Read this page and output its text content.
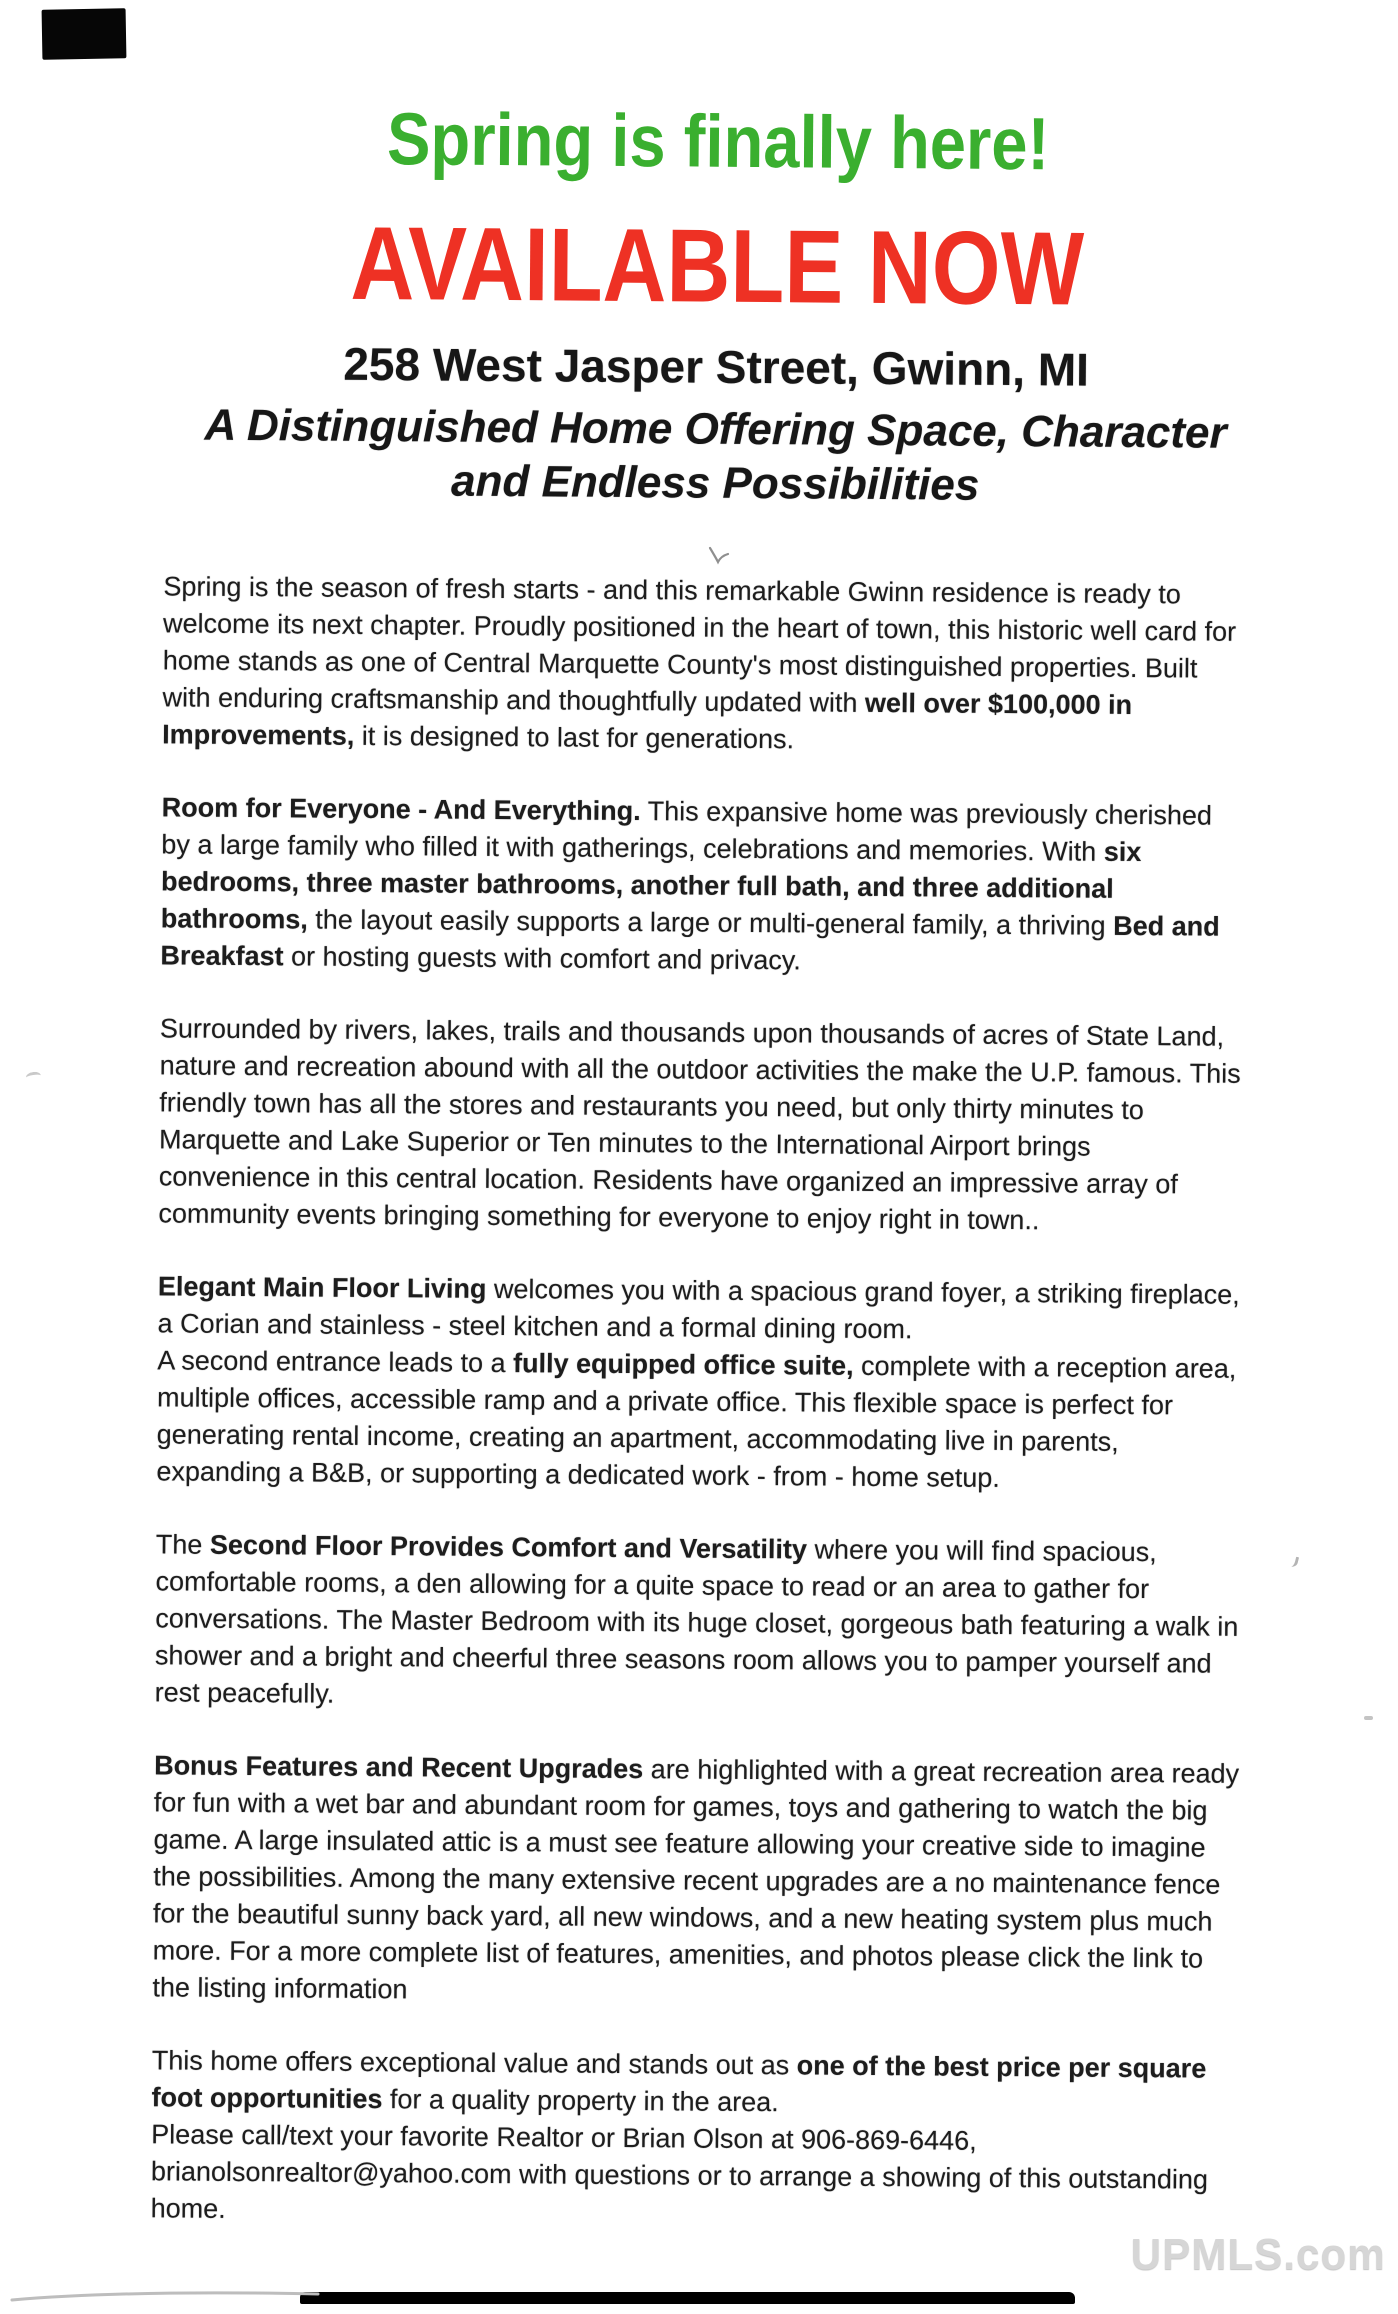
Spring is finally here!
AVAILABLE NOW
258 West Jasper Street, Gwinn, MI
A Distinguished Home Offering Space, Character
and Endless Possibilities
Spring is the season of fresh starts - and this remarkable Gwinn residence is ready to welcome its next chapter. Proudly positioned in the heart of town, this historic well card for home stands as one of Central Marquette County's most distinguished properties. Built with enduring craftsmanship and thoughtfully updated with well over $100,000 in Improvements, it is designed to last for generations.
Room for Everyone - And Everything. This expansive home was previously cherished by a large family who filled it with gatherings, celebrations and memories. With six bedrooms, three master bathrooms, another full bath, and three additional bathrooms, the layout easily supports a large or multi-general family, a thriving Bed and Breakfast or hosting guests with comfort and privacy.
Surrounded by rivers, lakes, trails and thousands upon thousands of acres of State Land, nature and recreation abound with all the outdoor activities the make the U.P. famous. This friendly town has all the stores and restaurants you need, but only thirty minutes to Marquette and Lake Superior or Ten minutes to the International Airport brings convenience in this central location. Residents have organized an impressive array of community events bringing something for everyone to enjoy right in town..
Elegant Main Floor Living welcomes you with a spacious grand foyer, a striking fireplace, a Corian and stainless - steel kitchen and a formal dining room.
A second entrance leads to a fully equipped office suite, complete with a reception area, multiple offices, accessible ramp and a private office. This flexible space is perfect for generating rental income, creating an apartment, accommodating live in parents, expanding a B&B, or supporting a dedicated work - from - home setup.
The Second Floor Provides Comfort and Versatility where you will find spacious, comfortable rooms, a den allowing for a quite space to read or an area to gather for conversations. The Master Bedroom with its huge closet, gorgeous bath featuring a walk in shower and a bright and cheerful three seasons room allows you to pamper yourself and rest peacefully.
Bonus Features and Recent Upgrades are highlighted with a great recreation area ready for fun with a wet bar and abundant room for games, toys and gathering to watch the big game. A large insulated attic is a must see feature allowing your creative side to imagine the possibilities. Among the many extensive recent upgrades are a no maintenance fence for the beautiful sunny back yard, all new windows, and a new heating system plus much more. For a more complete list of features, amenities, and photos please click the link to the listing information
This home offers exceptional value and stands out as one of the best price per square foot opportunities for a quality property in the area.
Please call/text your favorite Realtor or Brian Olson at 906-869-6446, brianolsonrealtor@yahoo.com with questions or to arrange a showing of this outstanding home.
UPMLS.com
